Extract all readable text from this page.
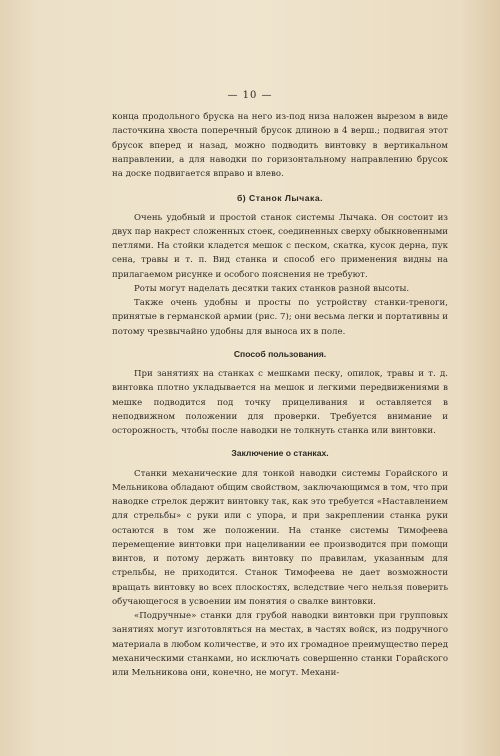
— 10 —

конца продольного бруска на него из-под низа наложен вырезом в виде ласточкина хвоста поперечный брусок длиною в 4 верш.; подвигая этот брусок вперед и назад, можно подводить винтовку в вертикальном направлении, а для наводки по горизонтальному направлению брусок на доске подвигается вправо и влево.

б) Станок Лычака.

Очень удобный и простой станок системы Лычака. Он состоит из двух пар накрест сложенных стоек, соединенных сверху обыкновенными петлями. На стойки кладется мешок с песком, скатка, кусок дерна, пук сена, травы и т. п. Вид станка и способ его применения видны на прилагаемом рисунке и особого пояснения не требуют.

Роты могут наделать десятки таких станков разной высоты.

Также очень удобны и просты по устройству станки-треноги, принятые в германской армии (рис. 7); они весьма легки и портативны и потому чрезвычайно удобны для выноса их в поле.

Способ пользования.

При занятиях на станках с мешками песку, опилок, травы и т. д. винтовка плотно укладывается на мешок и легкими передвижениями в мешке подводится под точку прицеливания и оставляется в неподвижном положении для проверки. Требуется внимание и осторожность, чтобы после наводки не толкнуть станка или винтовки.

Заключение о станках.

Станки механические для тонкой наводки системы Горайского и Мельникова обладают общим свойством, заключающимся в том, что при наводке стрелок держит винтовку так, как это требуется «Наставлением для стрельбы» с руки или с упора, и при закреплении станка руки остаются в том же положении. На станке системы Тимофеева перемещение винтовки при нацеливании ее производится при помощи винтов, и потому держать винтовку по правилам, указанным для стрельбы, не приходится. Станок Тимофеева не дает возможности вращать винтовку во всех плоскостях, вследствие чего нельзя поверить обучающегося в усвоении им понятия о свалке винтовки.

«Подручные» станки для грубой наводки винтовки при групповых занятиях могут изготовляться на местах, в частях войск, из подручного материала в любом количестве, и это их громадное преимущество перед механическими станками, но исключать совершенно станки Горайского или Мельникова они, конечно, не могут. Механи-
